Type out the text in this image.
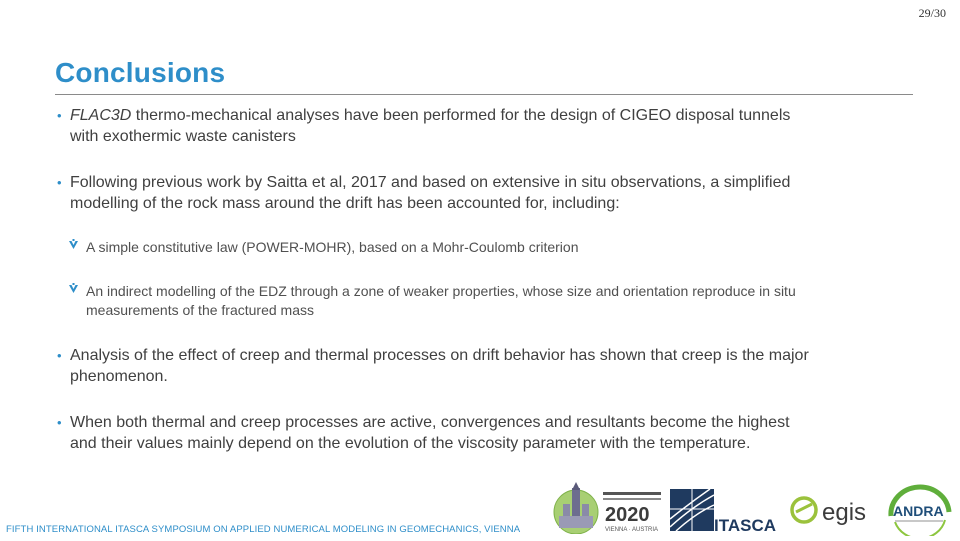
29/30
Conclusions
• FLAC3D thermo-mechanical analyses have been performed for the design of CIGEO disposal tunnels
with exothermic waste canisters
• Following previous work by Saitta et al, 2017 and based on extensive in situ observations, a simplified
modelling of the rock mass around the drift has been accounted for, including:
A simple constitutive law (POWER-MOHR), based on a Mohr-Coulomb criterion
An indirect modelling of the EDZ through a zone of weaker properties, whose size and orientation reproduce in situ
measurements of the fractured mass
• Analysis of the effect of creep and thermal processes on drift behavior has shown that creep is the major
phenomenon.
• When both thermal and creep processes are active, convergences and resultants become the highest
and their values mainly depend on the evolution of the viscosity parameter with the temperature.
FIFTH INTERNATIONAL ITASCA SYMPOSIUM ON APPLIED NUMERICAL MODELING IN GEOMECHANICS, VIENNA
2020
VIENNA · AUSTRIA	ITASCA egis ANDRA
